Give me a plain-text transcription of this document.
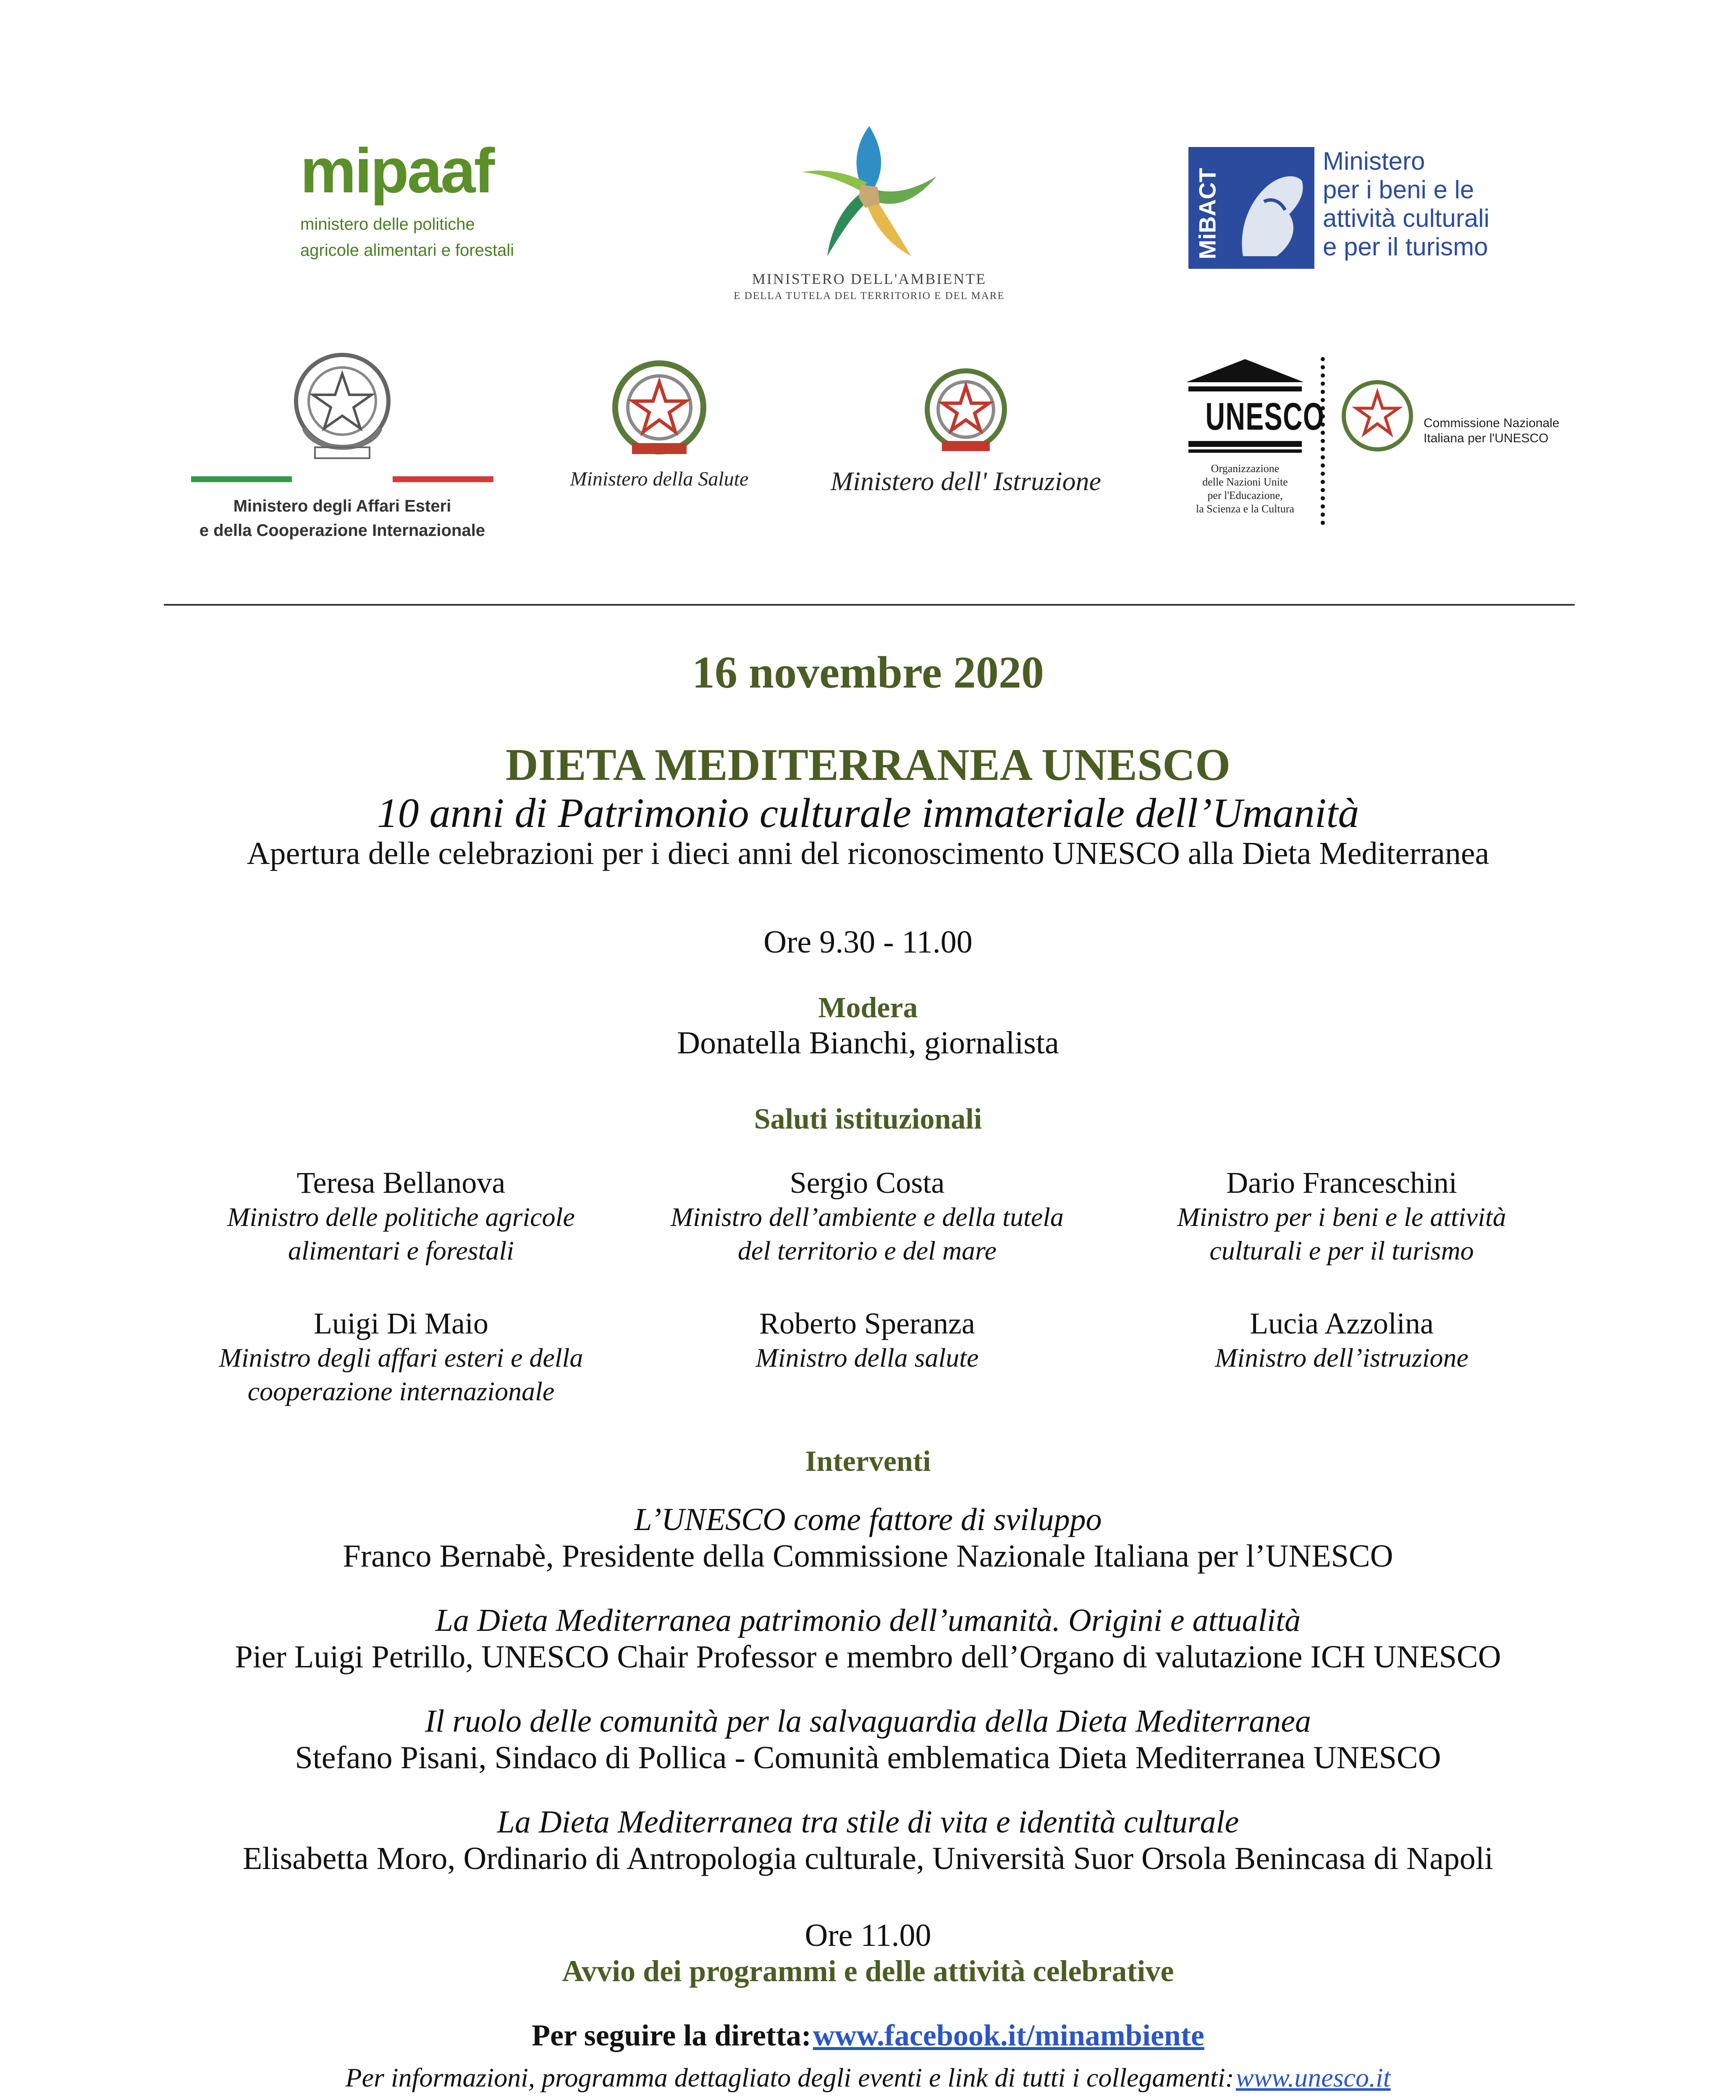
mipaaf
ministero delle politiche
agricole alimentari e forestali
MINISTERO DELL'AMBIENTE
E DELLA TUTELA DEL TERRITORIO E DEL MARE
MiBACT
Ministero
per i beni e le
attività culturali
e per il turismo
Ministero degli Affari Esteri
e della Cooperazione Internazionale
Ministero della Salute	Ministero dell' Istruzione
UNESCO
Organizzazione
delle Nazioni Unite
per l'Educazione,
la Scienza e la Cultura
Commissione Nazionale
Italiana per l'UNESCO
16 novembre 2020
DIETA MEDITERRANEA UNESCO
10 anni di Patrimonio culturale immateriale dell’Umanità
Apertura delle celebrazioni per i dieci anni del riconoscimento UNESCO alla Dieta Mediterranea
Ore 9.30 - 11.00
Modera
Donatella Bianchi, giornalista
Saluti istituzionali
Teresa Bellanova
Ministro delle politiche agricole
alimentari e forestali
Sergio Costa
Ministro dell’ambiente e della tutela
del territorio e del mare
Dario Franceschini
Ministro per i beni e le attività
culturali e per il turismo
Luigi Di Maio
Ministro degli affari esteri e della
cooperazione internazionale
Roberto Speranza
Ministro della salute
Lucia Azzolina
Ministro dell’istruzione
Interventi
L’UNESCO come fattore di sviluppo
Franco Bernabè, Presidente della Commissione Nazionale Italiana per l’UNESCO
La Dieta Mediterranea patrimonio dell’umanità. Origini e attualità
Pier Luigi Petrillo, UNESCO Chair Professor e membro dell’Organo di valutazione ICH UNESCO
Il ruolo delle comunità per la salvaguardia della Dieta Mediterranea
Stefano Pisani, Sindaco di Pollica - Comunità emblematica Dieta Mediterranea UNESCO
La Dieta Mediterranea tra stile di vita e identità culturale
Elisabetta Moro, Ordinario di Antropologia culturale, Università Suor Orsola Benincasa di Napoli
Ore 11.00
Avvio dei programmi e delle attività celebrative
Per seguire la diretta: www.facebook.it/minambiente
Per informazioni, programma dettagliato degli eventi e link di tutti i collegamenti: www.unesco.it
